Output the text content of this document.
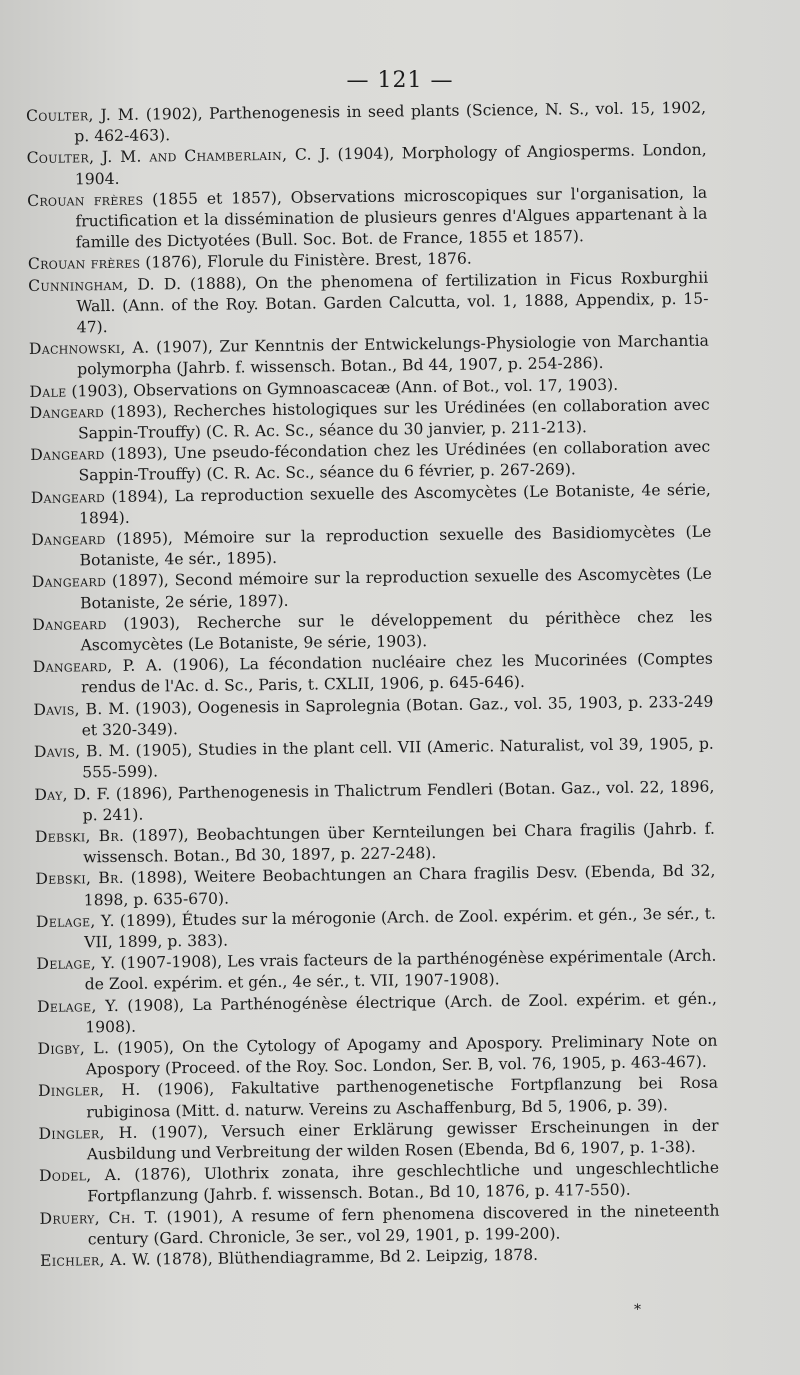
— 121 —

Coulter, J. M. (1902), Parthenogenesis in seed plants (Science, N. S., vol. 15, 1902, p. 462-463).

Coulter, J. M. and Chamberlain, C. J. (1904), Morphology of Angiosperms. London, 1904.

Crouan frères (1855 et 1857), Observations microscopiques sur l'organisation, la fructification et la dissémination de plusieurs genres d'Algues appartenant à la famille des Dictyotées (Bull. Soc. Bot. de France, 1855 et 1857).

Crouan frères (1876), Florule du Finistère. Brest, 1876.

Cunningham, D. D. (1888), On the phenomena of fertilization in Ficus Roxburghii Wall. (Ann. of the Roy. Botan. Garden Calcutta, vol. 1, 1888, Appendix, p. 15-47).

Dachnowski, A. (1907), Zur Kenntnis der Entwickelungs-Physiologie von Marchantia polymorpha (Jahrb. f. wissensch. Botan., Bd 44, 1907, p. 254-286).

Dale (1903), Observations on Gymnoascaceæ (Ann. of Bot., vol. 17, 1903).

Dangeard (1893), Recherches histologiques sur les Urédinées (en collaboration avec Sappin-Trouffy) (C. R. Ac. Sc., séance du 30 janvier, p. 211-213).

Dangeard (1893), Une pseudo-fécondation chez les Urédinées (en collaboration avec Sappin-Trouffy) (C. R. Ac. Sc., séance du 6 février, p. 267-269).

Dangeard (1894), La reproduction sexuelle des Ascomycètes (Le Botaniste, 4e série, 1894).

Dangeard (1895), Mémoire sur la reproduction sexuelle des Basidiomycètes (Le Botaniste, 4e sér., 1895).

Dangeard (1897), Second mémoire sur la reproduction sexuelle des Ascomycètes (Le Botaniste, 2e série, 1897).

Dangeard (1903), Recherche sur le développement du périthèce chez les Ascomycètes (Le Botaniste, 9e série, 1903).

Dangeard, P. A. (1906), La fécondation nucléaire chez les Mucorinées (Comptes rendus de l'Ac. d. Sc., Paris, t. CXLII, 1906, p. 645-646).

Davis, B. M. (1903), Oogenesis in Saprolegnia (Botan. Gaz., vol. 35, 1903, p. 233-249 et 320-349).

Davis, B. M. (1905), Studies in the plant cell. VII (Americ. Naturalist, vol 39, 1905, p. 555-599).

Day, D. F. (1896), Parthenogenesis in Thalictrum Fendleri (Botan. Gaz., vol. 22, 1896, p. 241).

Debski, Br. (1897), Beobachtungen über Kernteilungen bei Chara fragilis (Jahrb. f. wissensch. Botan., Bd 30, 1897, p. 227-248).

Debski, Br. (1898), Weitere Beobachtungen an Chara fragilis Desv. (Ebenda, Bd 32, 1898, p. 635-670).

Delage, Y. (1899), Études sur la mérogonie (Arch. de Zool. expérim. et gén., 3e sér., t. VII, 1899, p. 383).

Delage, Y. (1907-1908), Les vrais facteurs de la parthénogénèse expérimentale (Arch. de Zool. expérim. et gén., 4e sér., t. VII, 1907-1908).

Delage, Y. (1908), La Parthénogénèse électrique (Arch. de Zool. expérim. et gén., 1908).

Digby, L. (1905), On the Cytology of Apogamy and Apospory. Preliminary Note on Apospory (Proceed. of the Roy. Soc. London, Ser. B, vol. 76, 1905, p. 463-467).

Dingler, H. (1906), Fakultative parthenogenetische Fortpflanzung bei Rosa rubiginosa (Mitt. d. naturw. Vereins zu Aschaffenburg, Bd 5, 1906, p. 39).

Dingler, H. (1907), Versuch einer Erklärung gewisser Erscheinungen in der Ausbildung und Verbreitung der wilden Rosen (Ebenda, Bd 6, 1907, p. 1-38).

Dodel, A. (1876), Ulothrix zonata, ihre geschlechtliche und ungeschlechtliche Fortpflanzung (Jahrb. f. wissensch. Botan., Bd 10, 1876, p. 417-550).

Druery, Ch. T. (1901), A resume of fern phenomena discovered in the nineteenth century (Gard. Chronicle, 3e ser., vol 29, 1901, p. 199-200).

Eichler, A. W. (1878), Blüthendiagramme, Bd 2. Leipzig, 1878.

*
